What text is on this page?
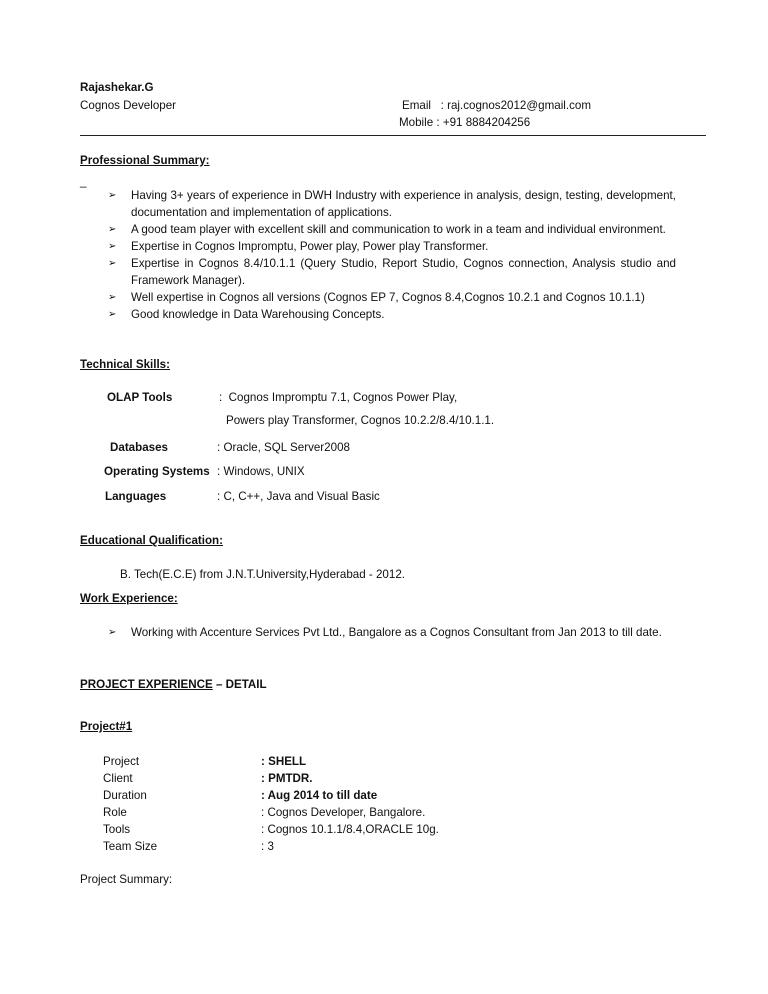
Rajashekar.G
Cognos Developer	Email   : raj.cognos2012@gmail.com
Mobile : +91 8884204256
Professional Summary:
_
➢ Having 3+ years of experience in DWH Industry with experience in analysis, design, testing, development, documentation and implementation of applications.
➢ A good team player with excellent skill and communication to work in a team and individual environment.
➢ Expertise in Cognos Impromptu, Power play, Power play Transformer.
➢ Expertise in Cognos 8.4/10.1.1 (Query Studio, Report Studio, Cognos connection, Analysis studio and Framework Manager).
➢ Well expertise in Cognos all versions (Cognos EP 7, Cognos 8.4,Cognos 10.2.1 and Cognos 10.1.1)
➢ Good knowledge in Data Warehousing Concepts.
Technical Skills:
OLAP Tools	:  Cognos Impromptu 7.1, Cognos Power Play,
Powers play Transformer, Cognos 10.2.2/8.4/10.1.1.
Databases	: Oracle, SQL Server2008
Operating Systems : Windows, UNIX
Languages	: C, C++, Java and Visual Basic
Educational Qualification:
B. Tech(E.C.E) from J.N.T.University,Hyderabad - 2012.
Work Experience:
➢ Working with Accenture Services Pvt Ltd., Bangalore as a Cognos Consultant from Jan 2013 to till date.
PROJECT EXPERIENCE – DETAIL
Project#1
Project	: SHELL
Client	: PMTDR.
Duration	: Aug 2014 to till date
Role	: Cognos Developer, Bangalore.
Tools	: Cognos 10.1.1/8.4,ORACLE 10g.
Team Size	: 3
Project Summary:
